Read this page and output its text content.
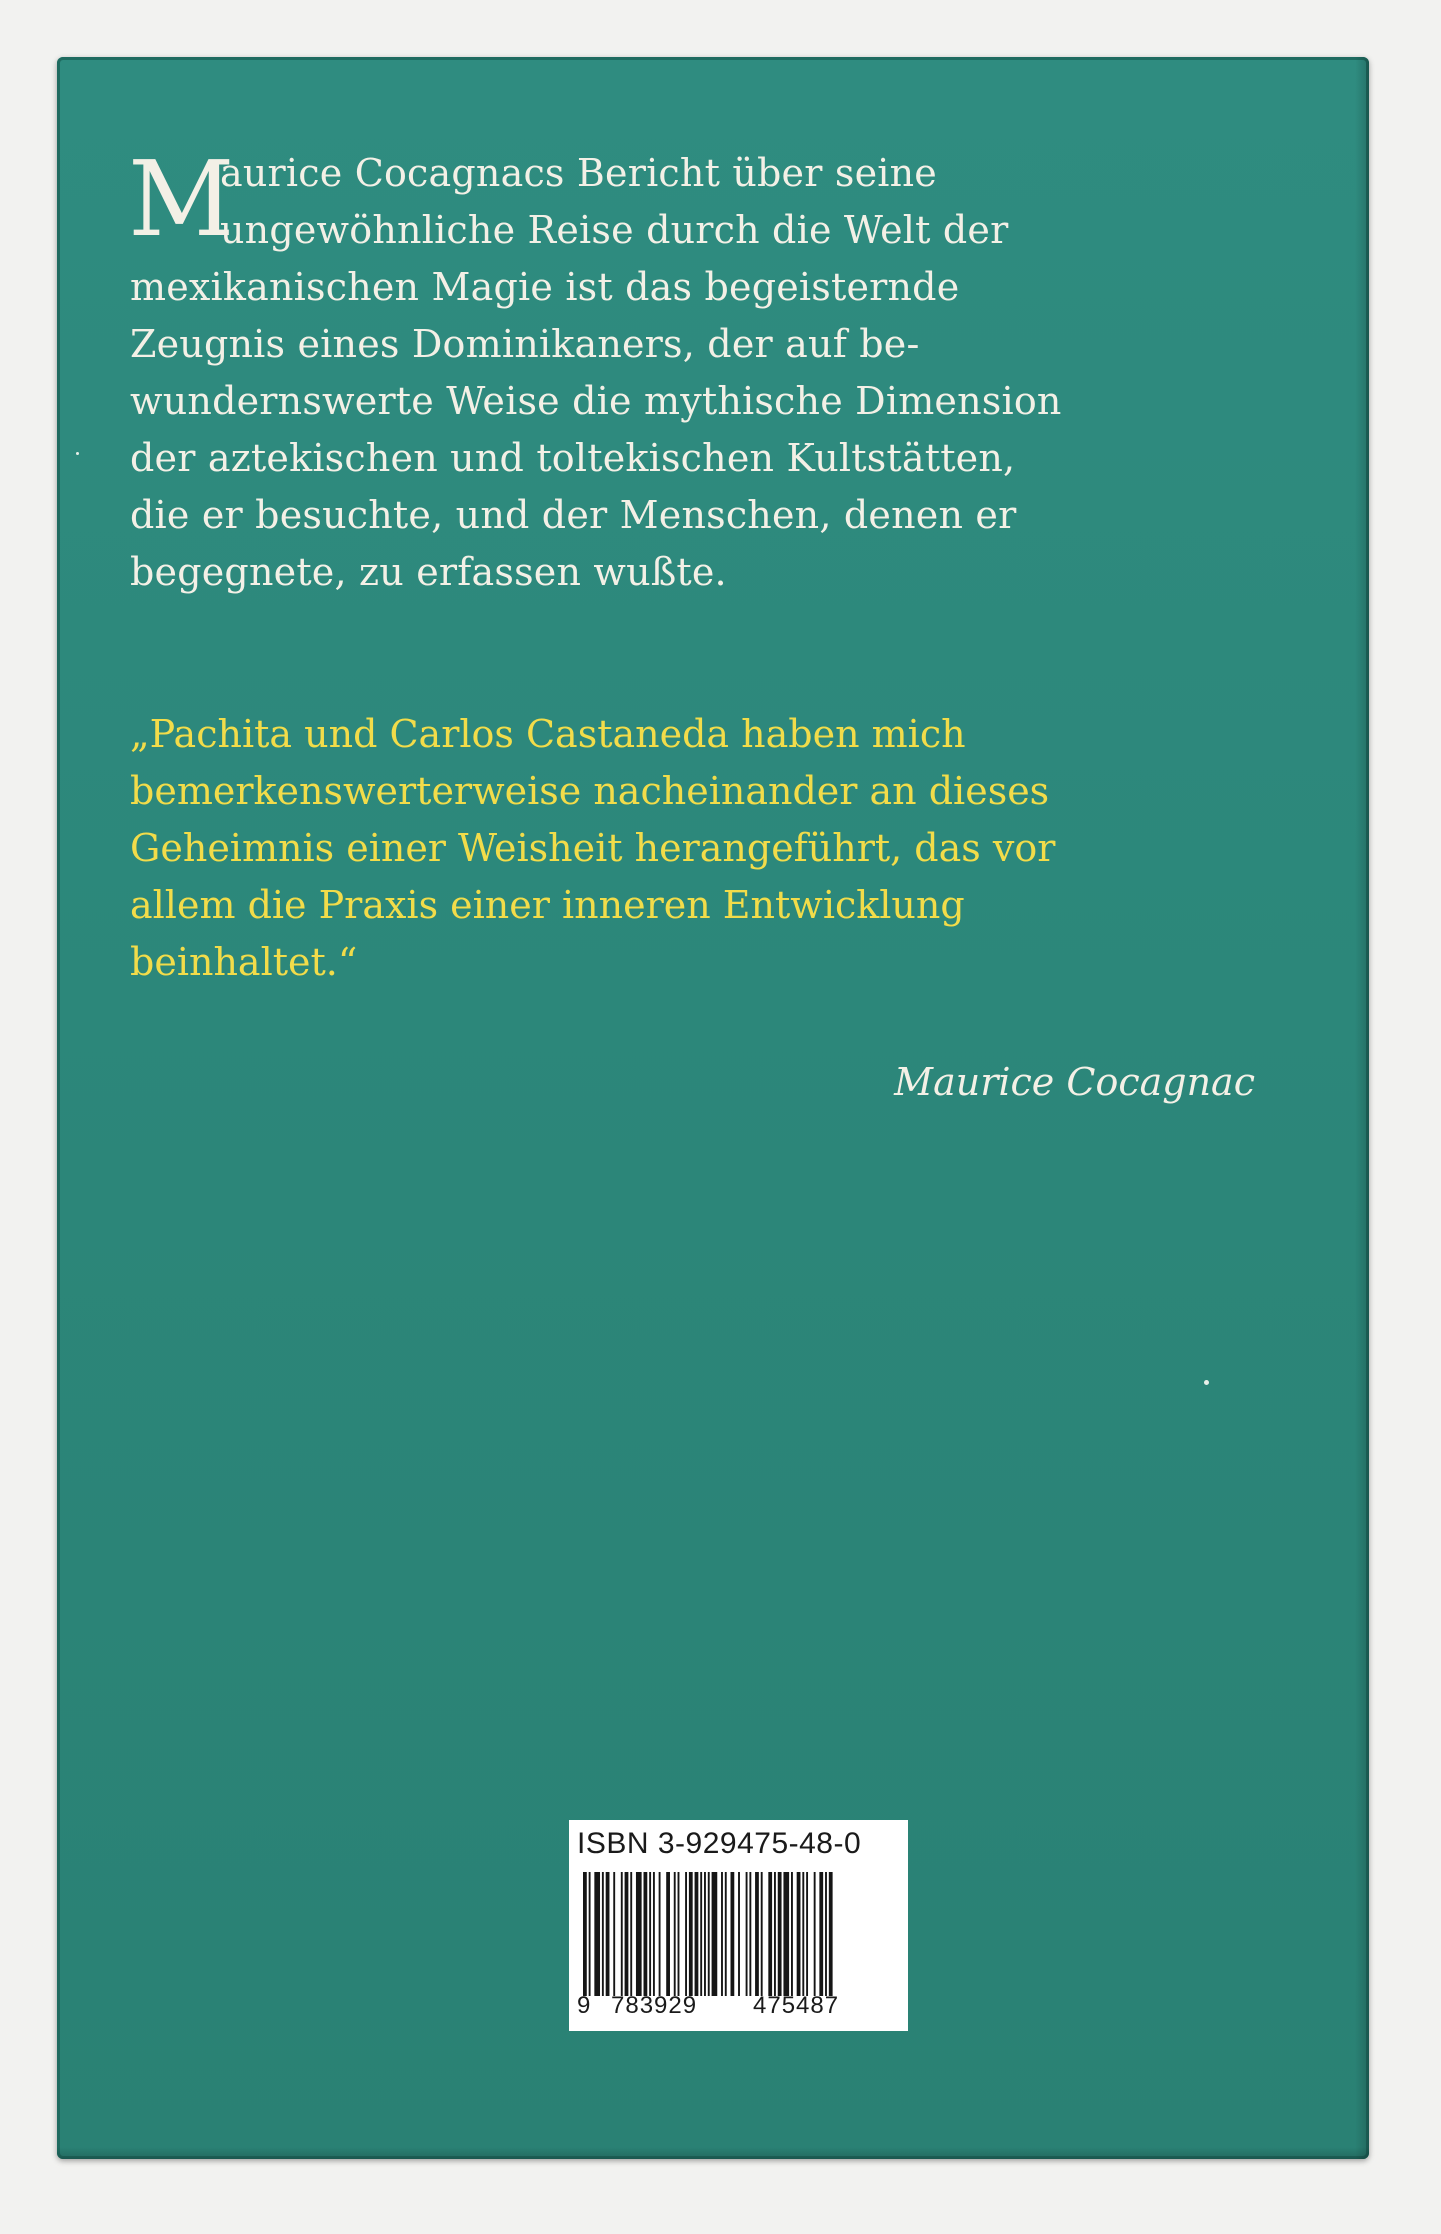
M
aurice Cocagnacs Bericht über seine
ungewöhnliche Reise durch die Welt der
mexikanischen Magie ist das begeisternde
Zeugnis eines Dominikaners, der auf be-
wundernswerte Weise die mythische Dimension
der aztekischen und toltekischen Kultstätten,
die er besuchte, und der Menschen, denen er
begegnete, zu erfassen wußte.
„Pachita und Carlos Castaneda haben mich
bemerkenswerterweise nacheinander an dieses
Geheimnis einer Weisheit herangeführt, das vor
allem die Praxis einer inneren Entwicklung
beinhaltet.“
Maurice Cocagnac
ISBN 3-929475-48-0
9 783929 475487
